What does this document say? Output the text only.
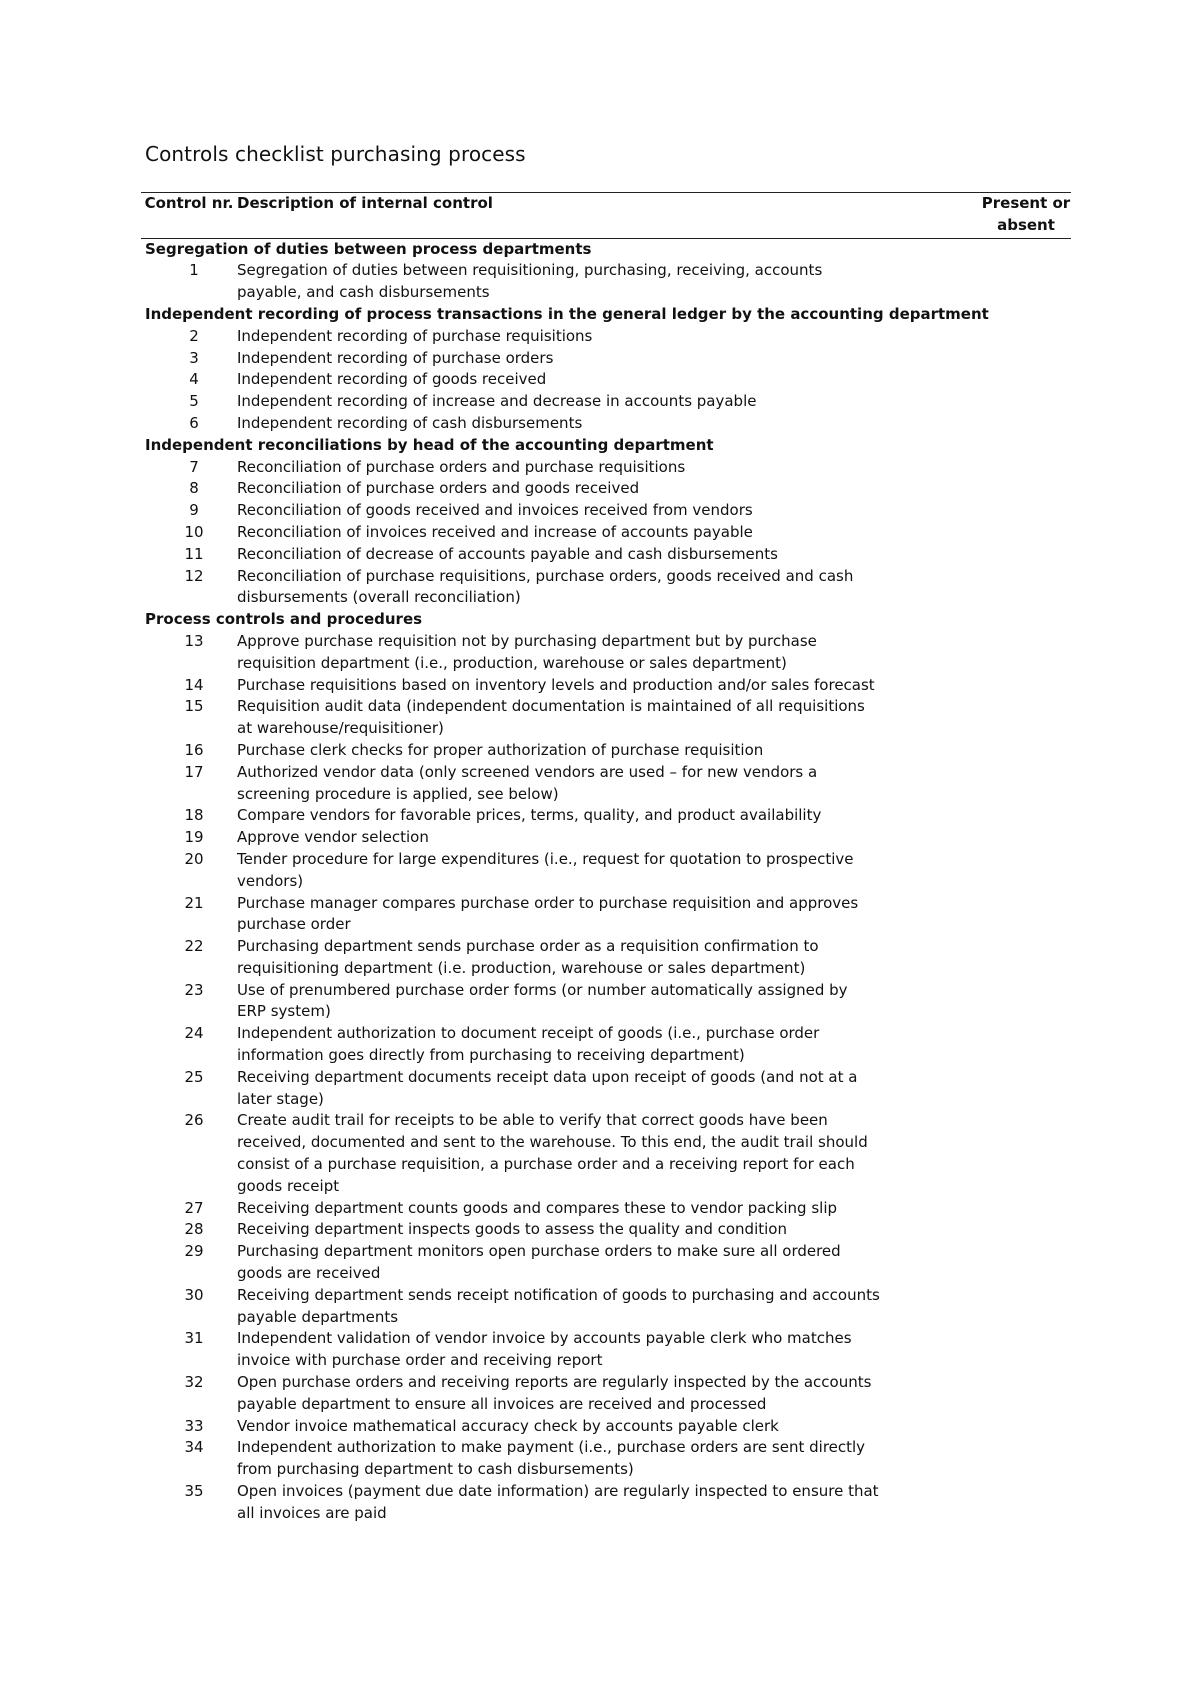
Controls checklist purchasing process
Control nr.	Description of internal control	Present or absent
Segregation of duties between process departments		
1	Segregation of duties between requisitioning, purchasing, receiving, accounts payable, and cash disbursements	
Independent recording of process transactions in the general ledger by the accounting department		
2	Independent recording of purchase requisitions	
3	Independent recording of purchase orders	
4	Independent recording of goods received	
5	Independent recording of increase and decrease in accounts payable	
6	Independent recording of cash disbursements	
Independent reconciliations by head of the accounting department		
7	Reconciliation of purchase orders and purchase requisitions	
8	Reconciliation of purchase orders and goods received	
9	Reconciliation of goods received and invoices received from vendors	
10	Reconciliation of invoices received and increase of accounts payable	
11	Reconciliation of decrease of accounts payable and cash disbursements	
12	Reconciliation of purchase requisitions, purchase orders, goods received and cash disbursements (overall reconciliation)	
Process controls and procedures		
13	Approve purchase requisition not by purchasing department but by purchase requisition department (i.e., production, warehouse or sales department)	
14	Purchase requisitions based on inventory levels and production and/or sales forecast	
15	Requisition audit data (independent documentation is maintained of all requisitions at warehouse/requisitioner)	
16	Purchase clerk checks for proper authorization of purchase requisition	
17	Authorized vendor data (only screened vendors are used – for new vendors a screening procedure is applied, see below)	
18	Compare vendors for favorable prices, terms, quality, and product availability	
19	Approve vendor selection	
20	Tender procedure for large expenditures (i.e., request for quotation to prospective vendors)	
21	Purchase manager compares purchase order to purchase requisition and approves purchase order	
22	Purchasing department sends purchase order as a requisition confirmation to requisitioning department (i.e. production, warehouse or sales department)	
23	Use of prenumbered purchase order forms (or number automatically assigned by ERP system)	
24	Independent authorization to document receipt of goods (i.e., purchase order information goes directly from purchasing to receiving department)	
25	Receiving department documents receipt data upon receipt of goods (and not at a later stage)	
26	Create audit trail for receipts to be able to verify that correct goods have been received, documented and sent to the warehouse. To this end, the audit trail should consist of a purchase requisition, a purchase order and a receiving report for each goods receipt	
27	Receiving department counts goods and compares these to vendor packing slip	
28	Receiving department inspects goods to assess the quality and condition	
29	Purchasing department monitors open purchase orders to make sure all ordered goods are received	
30	Receiving department sends receipt notification of goods to purchasing and accounts payable departments	
31	Independent validation of vendor invoice by accounts payable clerk who matches invoice with purchase order and receiving report	
32	Open purchase orders and receiving reports are regularly inspected by the accounts payable department to ensure all invoices are received and processed	
33	Vendor invoice mathematical accuracy check by accounts payable clerk	
34	Independent authorization to make payment (i.e., purchase orders are sent directly from purchasing department to cash disbursements)	
35	Open invoices (payment due date information) are regularly inspected to ensure that all invoices are paid	
